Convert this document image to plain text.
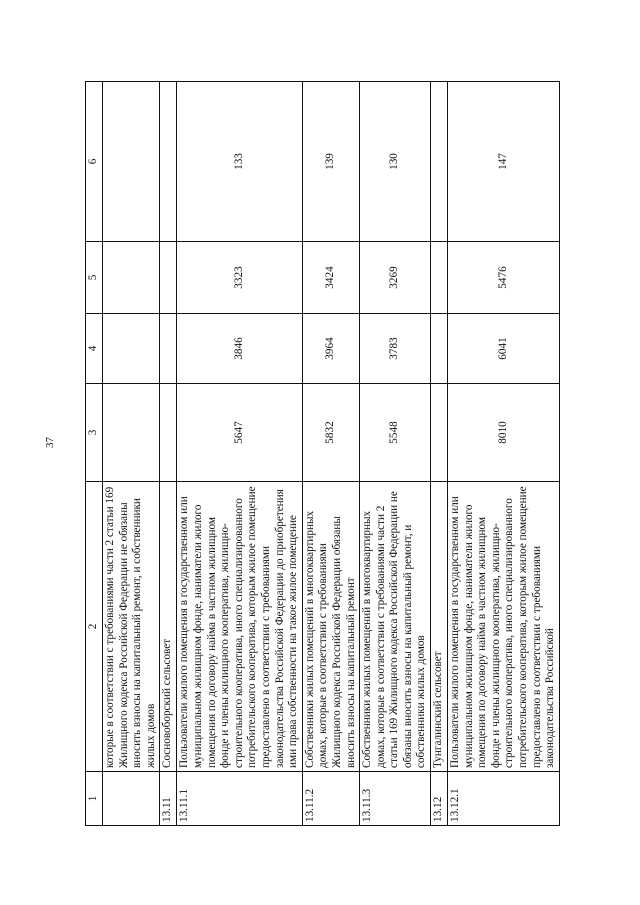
37
1	2	3	4	5	6
	которые в соответствии с требованиями части 2 статьи 169 Жилищного кодекса Российской Федерации не обязаны вносить взносы на капитальный ремонт, и собственники жилых домов				
13.11	Сосновоборский сельсовет				
13.11.1	Пользователи жилого помещения в государственном или муниципальном жилищном фонде, наниматели жилого помещения по договору найма в частном жилищном фонде и члены жилищного кооператива, жилищно-строительного кооператива, иного специализированного потребительского кооператива, которым жилое помещение предоставлено в соответствии с требованиями законодательства Российской Федерации до приобретения ими права собственности на такое жилое помещение	5647	3846	3323	133
13.11.2	Собственники жилых помещений в многоквартирных домах, которые в соответствии с требованиями Жилищного кодекса Российской Федерации обязаны вносить взносы на капитальный ремонт	5832	3964	3424	139
13.11.3	Собственники жилых помещений в многоквартирных домах, которые в соответствии с требованиями части 2 статьи 169 Жилищного кодекса Российской Федерации не обязаны вносить взносы на капитальный ремонт, и собственники жилых домов	5548	3783	3269	130
13.12	Тунгалинский сельсовет				
13.12.1	Пользователи жилого помещения в государственном или муниципальном жилищном фонде, наниматели жилого помещения по договору найма в частном жилищном фонде и члены жилищного кооператива, жилищно-строительного кооператива, иного специализированного потребительского кооператива, которым жилое помещение предоставлено в соответствии с требованиями законодательства Российской	8010	6041	5476	147
